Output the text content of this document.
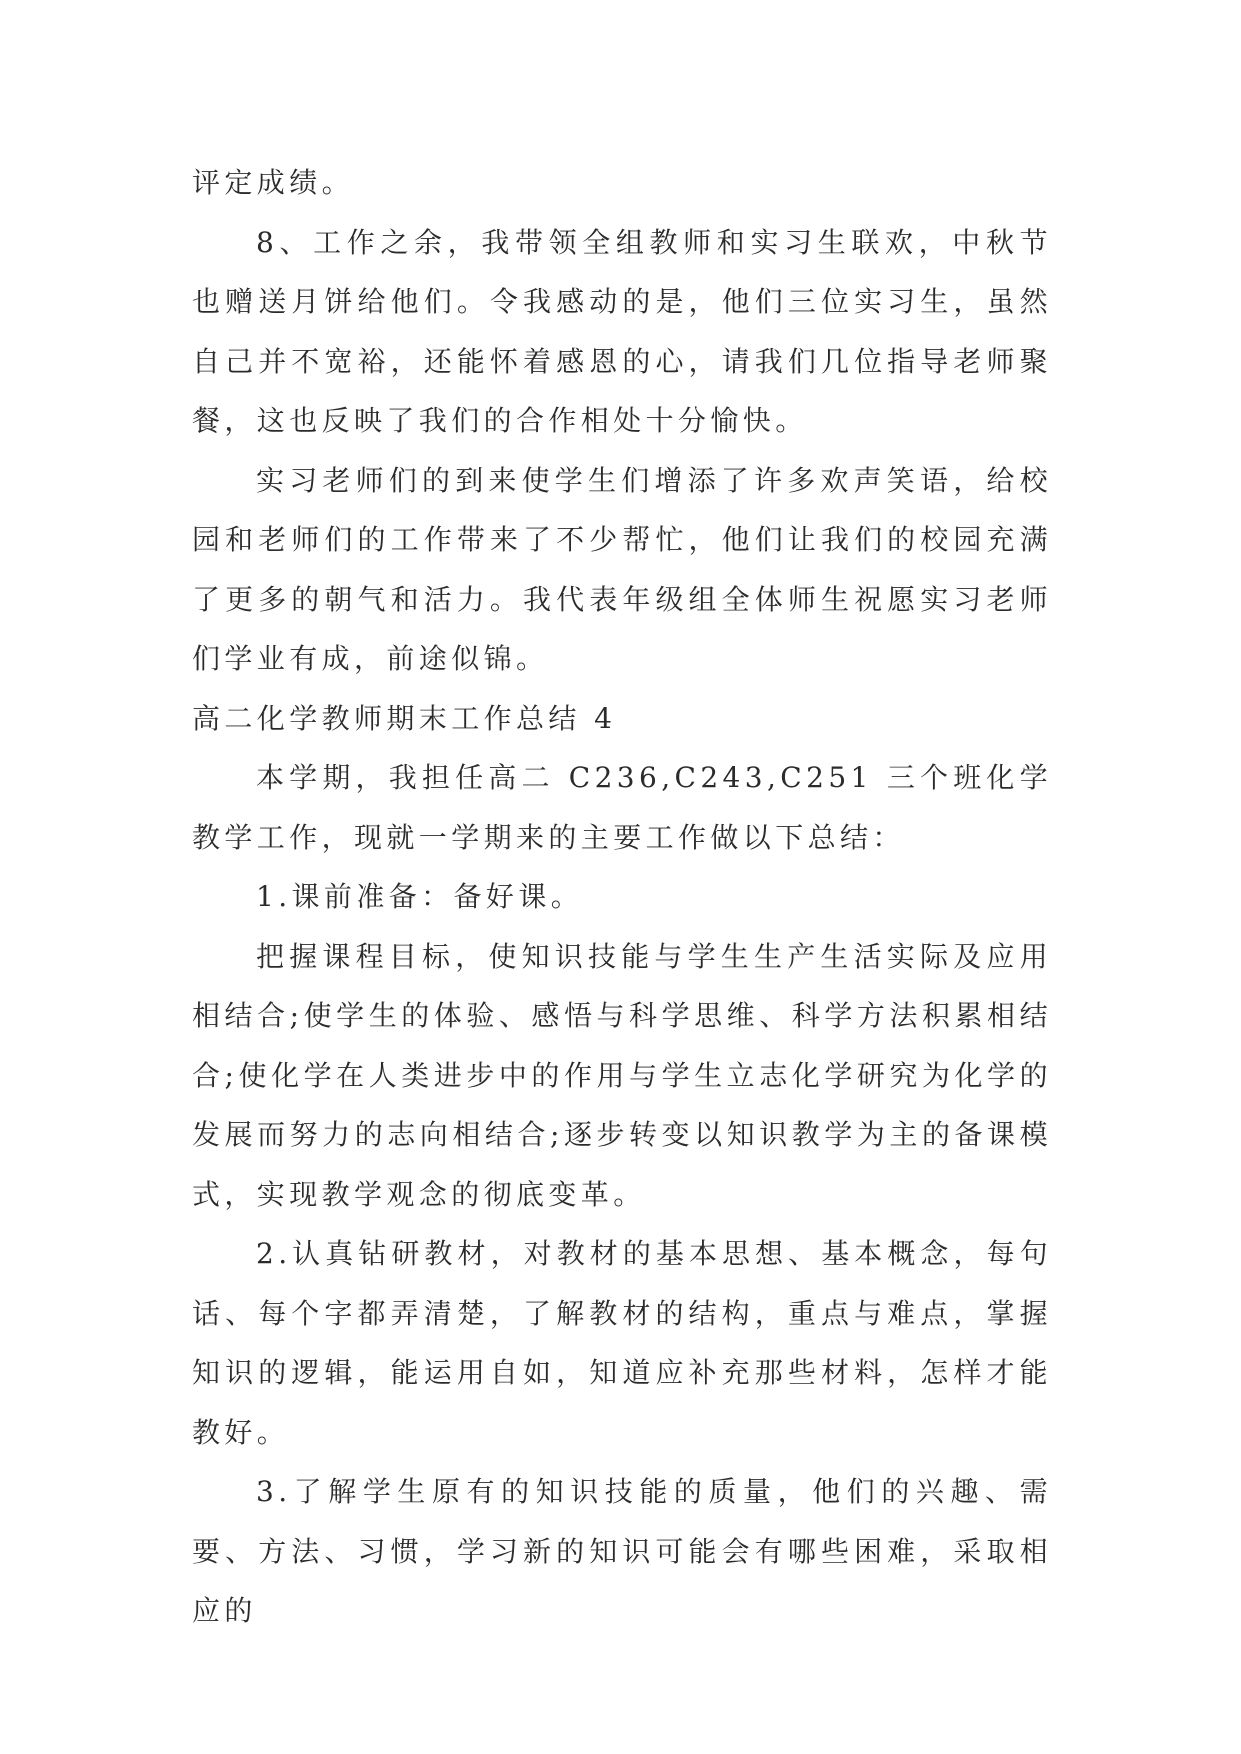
评定成绩。

8、工作之余，我带领全组教师和实习生联欢，中秋节也赠送月饼给他们。令我感动的是，他们三位实习生，虽然自己并不宽裕，还能怀着感恩的心，请我们几位指导老师聚餐，这也反映了我们的合作相处十分愉快。

实习老师们的到来使学生们增添了许多欢声笑语，给校园和老师们的工作带来了不少帮忙，他们让我们的校园充满了更多的朝气和活力。我代表年级组全体师生祝愿实习老师们学业有成，前途似锦。

高二化学教师期末工作总结 4

本学期，我担任高二 C236,C243,C251 三个班化学教学工作，现就一学期来的主要工作做以下总结：

1.课前准备：备好课。

把握课程目标，使知识技能与学生生产生活实际及应用相结合;使学生的体验、感悟与科学思维、科学方法积累相结合;使化学在人类进步中的作用与学生立志化学研究为化学的发展而努力的志向相结合;逐步转变以知识教学为主的备课模式，实现教学观念的彻底变革。

2.认真钻研教材，对教材的基本思想、基本概念，每句话、每个字都弄清楚，了解教材的结构，重点与难点，掌握知识的逻辑，能运用自如，知道应补充那些材料，怎样才能教好。

3.了解学生原有的知识技能的质量，他们的兴趣、需要、方法、习惯，学习新的知识可能会有哪些困难，采取相应的
